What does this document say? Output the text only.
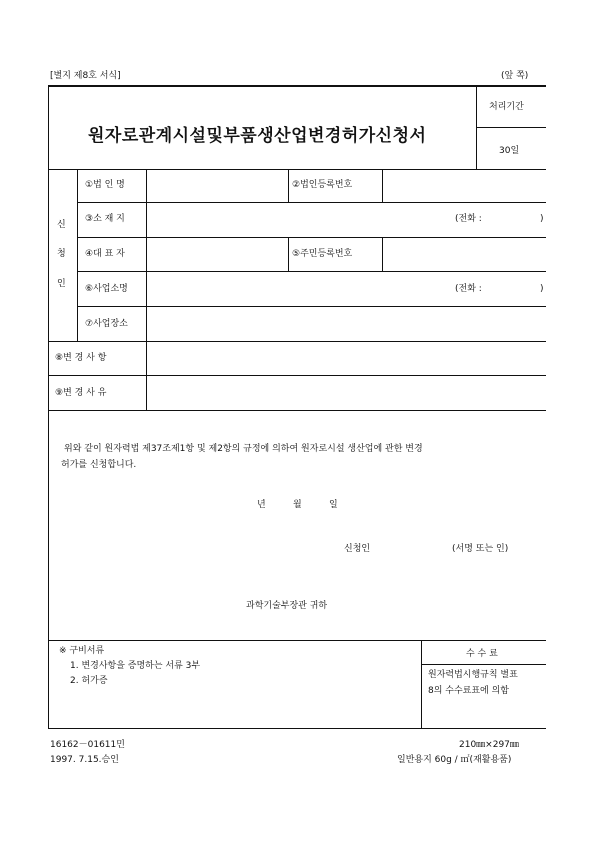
[별지 제8호 서식]	(앞 쪽)
원자로관계시설및부품생산업변경허가신청서
처리기간
30일
신
청
인
①법 인 명	②법인등록번호
③소 재 지	(전화 :	)
④대 표 자	⑤주민등록번호
⑥사업소명	(전화 :	)
⑦사업장소
⑧변 경 사 항
⑨변 경 사 유
위와 같이 원자력법 제37조제1항 및 제2항의 규정에 의하여 원자로시설 생산업에 관한 변경
허가를 신청합니다.
년	월	일
신청인	(서명 또는 인)
과학기술부장관 귀하
※ 구비서류
1. 변경사항을 증명하는 서류 3부
2. 허가증
수 수 료
원자력법시행규칙 별표
8의 수수료표에 의함
16162－01611민
1997. 7.15.승인
210㎜×297㎜
일반용지 60g / ㎡(재활용품)
